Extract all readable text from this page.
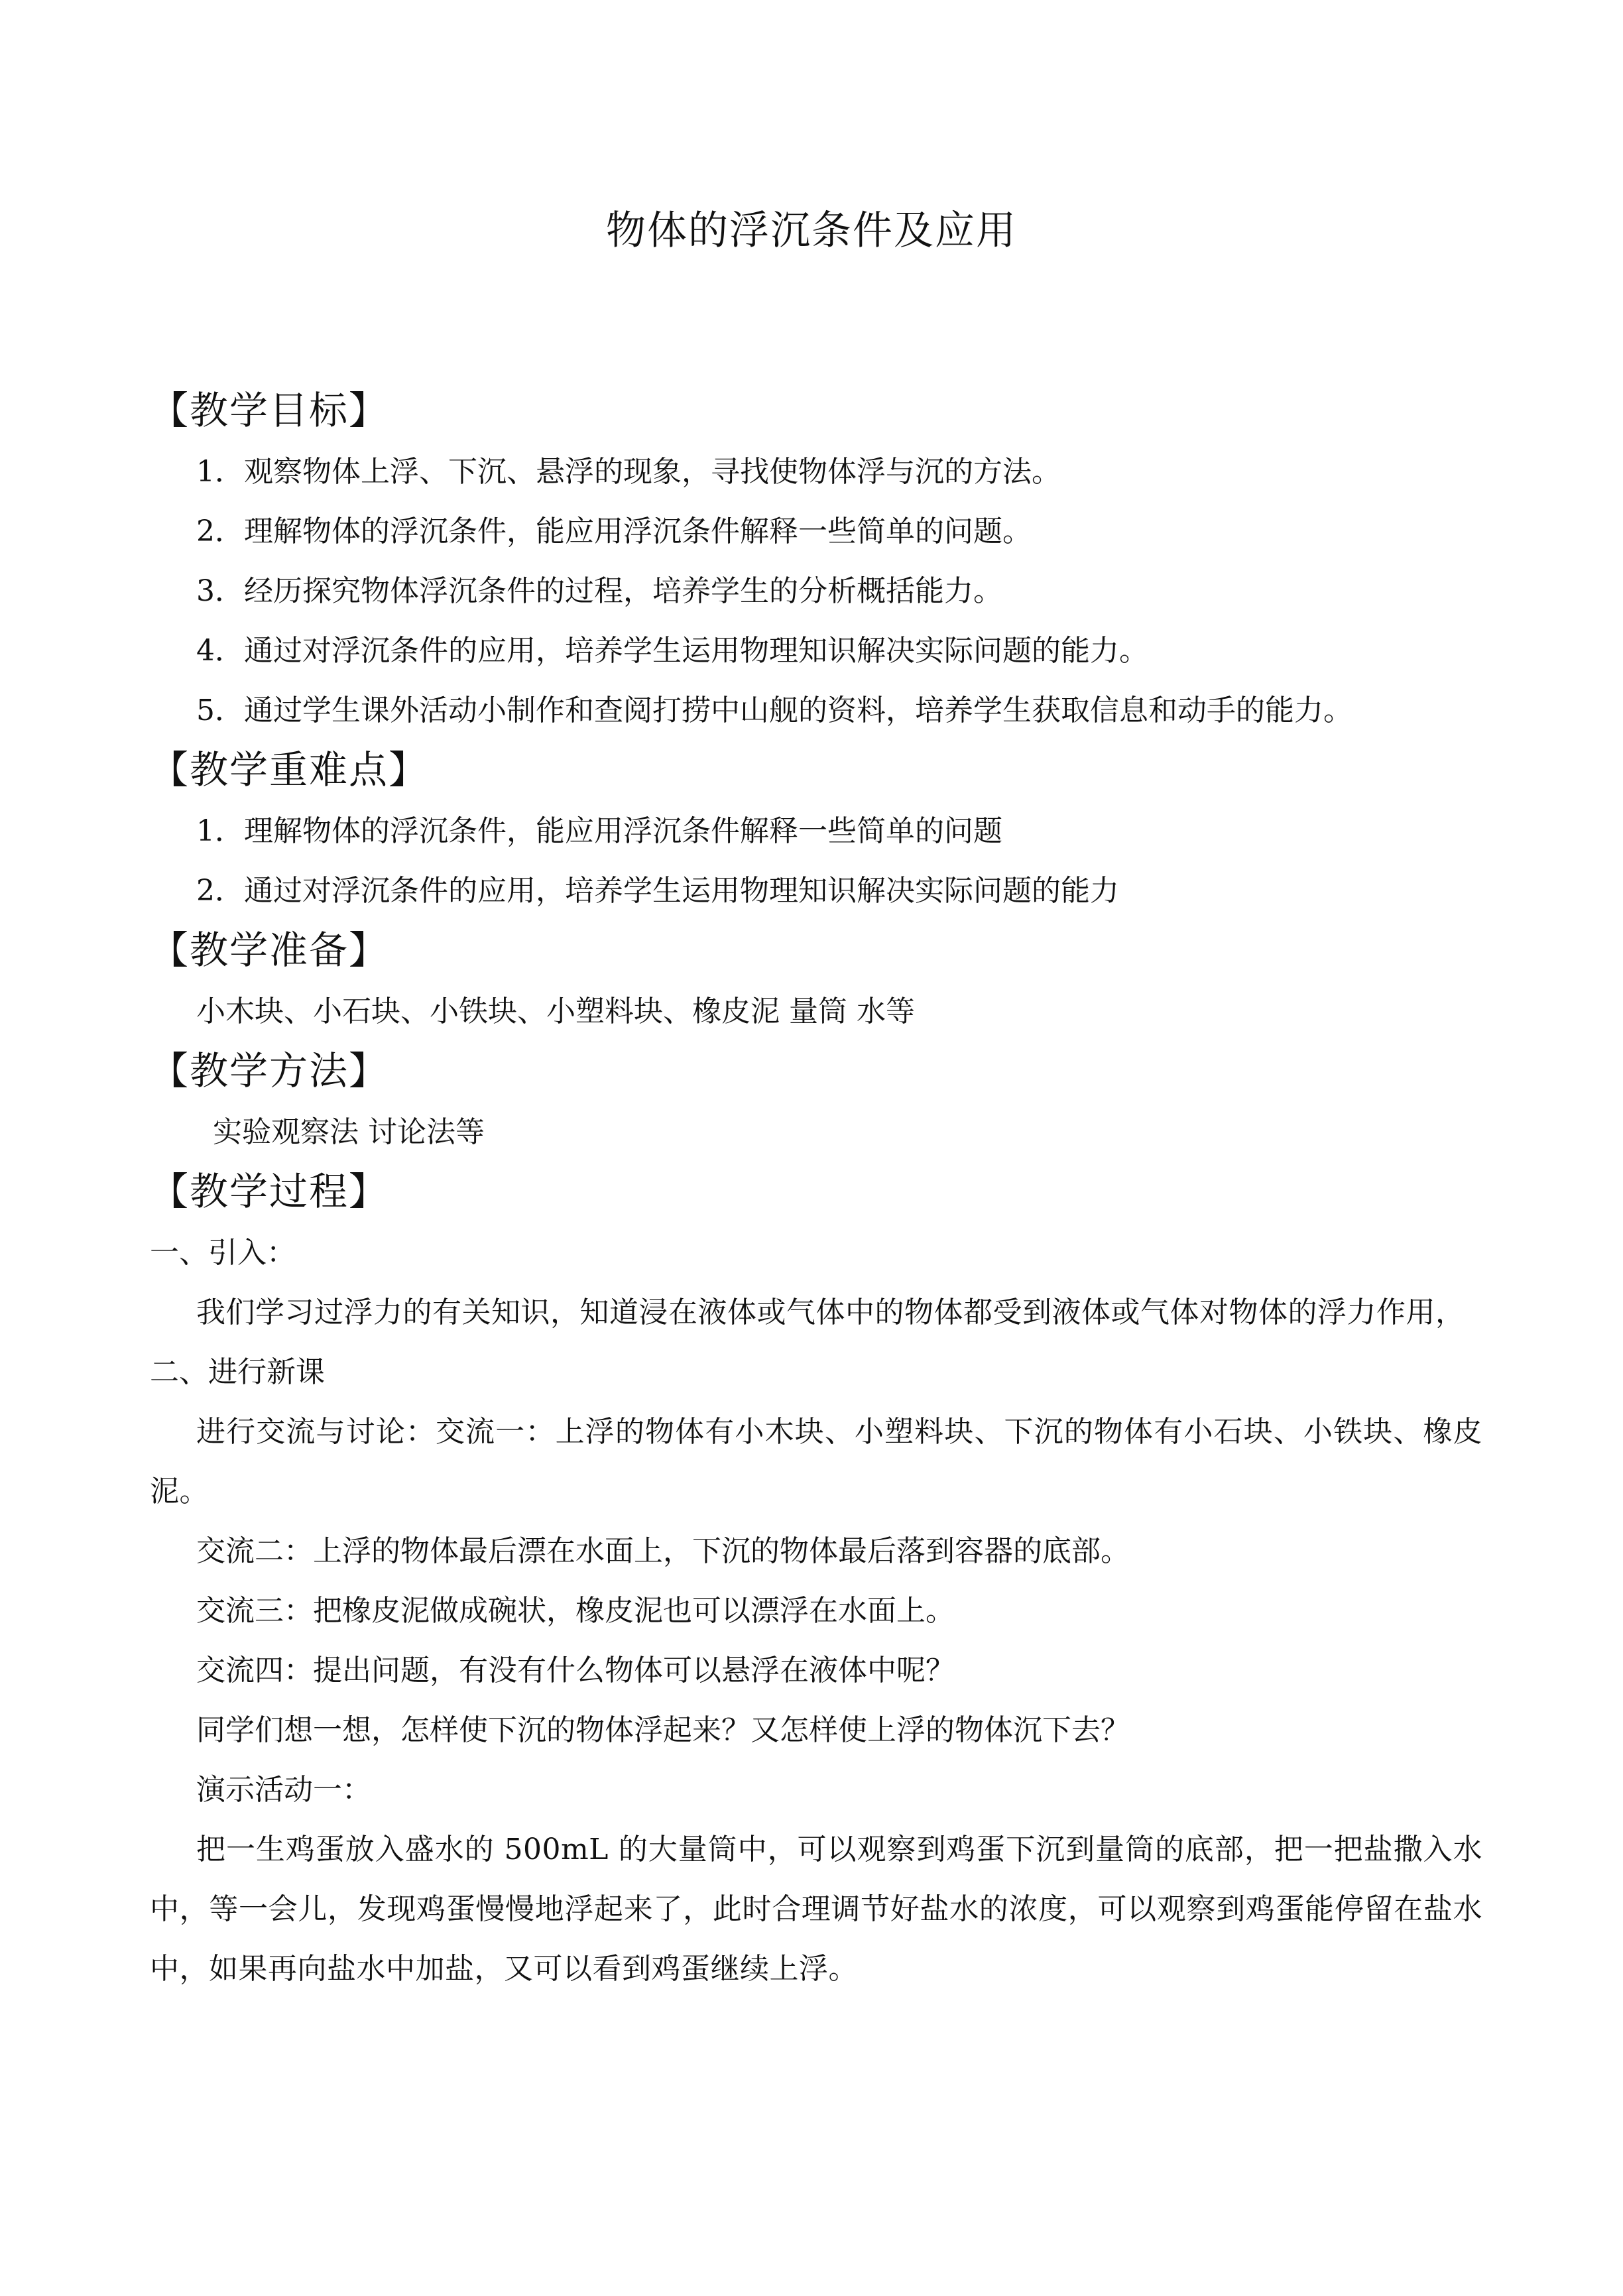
物体的浮沉条件及应用
【教学目标】
1．观察物体上浮、下沉、悬浮的现象，寻找使物体浮与沉的方法。
2．理解物体的浮沉条件，能应用浮沉条件解释一些简单的问题。
3．经历探究物体浮沉条件的过程，培养学生的分析概括能力。
4．通过对浮沉条件的应用，培养学生运用物理知识解决实际问题的能力。
5．通过学生课外活动小制作和查阅打捞中山舰的资料，培养学生获取信息和动手的能力。
【教学重难点】
1．理解物体的浮沉条件，能应用浮沉条件解释一些简单的问题
2．通过对浮沉条件的应用，培养学生运用物理知识解决实际问题的能力
【教学准备】
小木块、小石块、小铁块、小塑料块、橡皮泥 量筒 水等
【教学方法】
实验观察法 讨论法等
【教学过程】
一、引入：
我们学习过浮力的有关知识，知道浸在液体或气体中的物体都受到液体或气体对物体的浮力作用，
二、进行新课
进行交流与讨论：交流一：上浮的物体有小木块、小塑料块、下沉的物体有小石块、小铁块、橡皮泥。
交流二：上浮的物体最后漂在水面上，下沉的物体最后落到容器的底部。
交流三：把橡皮泥做成碗状，橡皮泥也可以漂浮在水面上。
交流四：提出问题，有没有什么物体可以悬浮在液体中呢？
同学们想一想，怎样使下沉的物体浮起来？又怎样使上浮的物体沉下去？
演示活动一：
把一生鸡蛋放入盛水的 500mL 的大量筒中，可以观察到鸡蛋下沉到量筒的底部，把一把盐撒入水中，等一会儿，发现鸡蛋慢慢地浮起来了，此时合理调节好盐水的浓度，可以观察到鸡蛋能停留在盐水中，如果再向盐水中加盐，又可以看到鸡蛋继续上浮。
